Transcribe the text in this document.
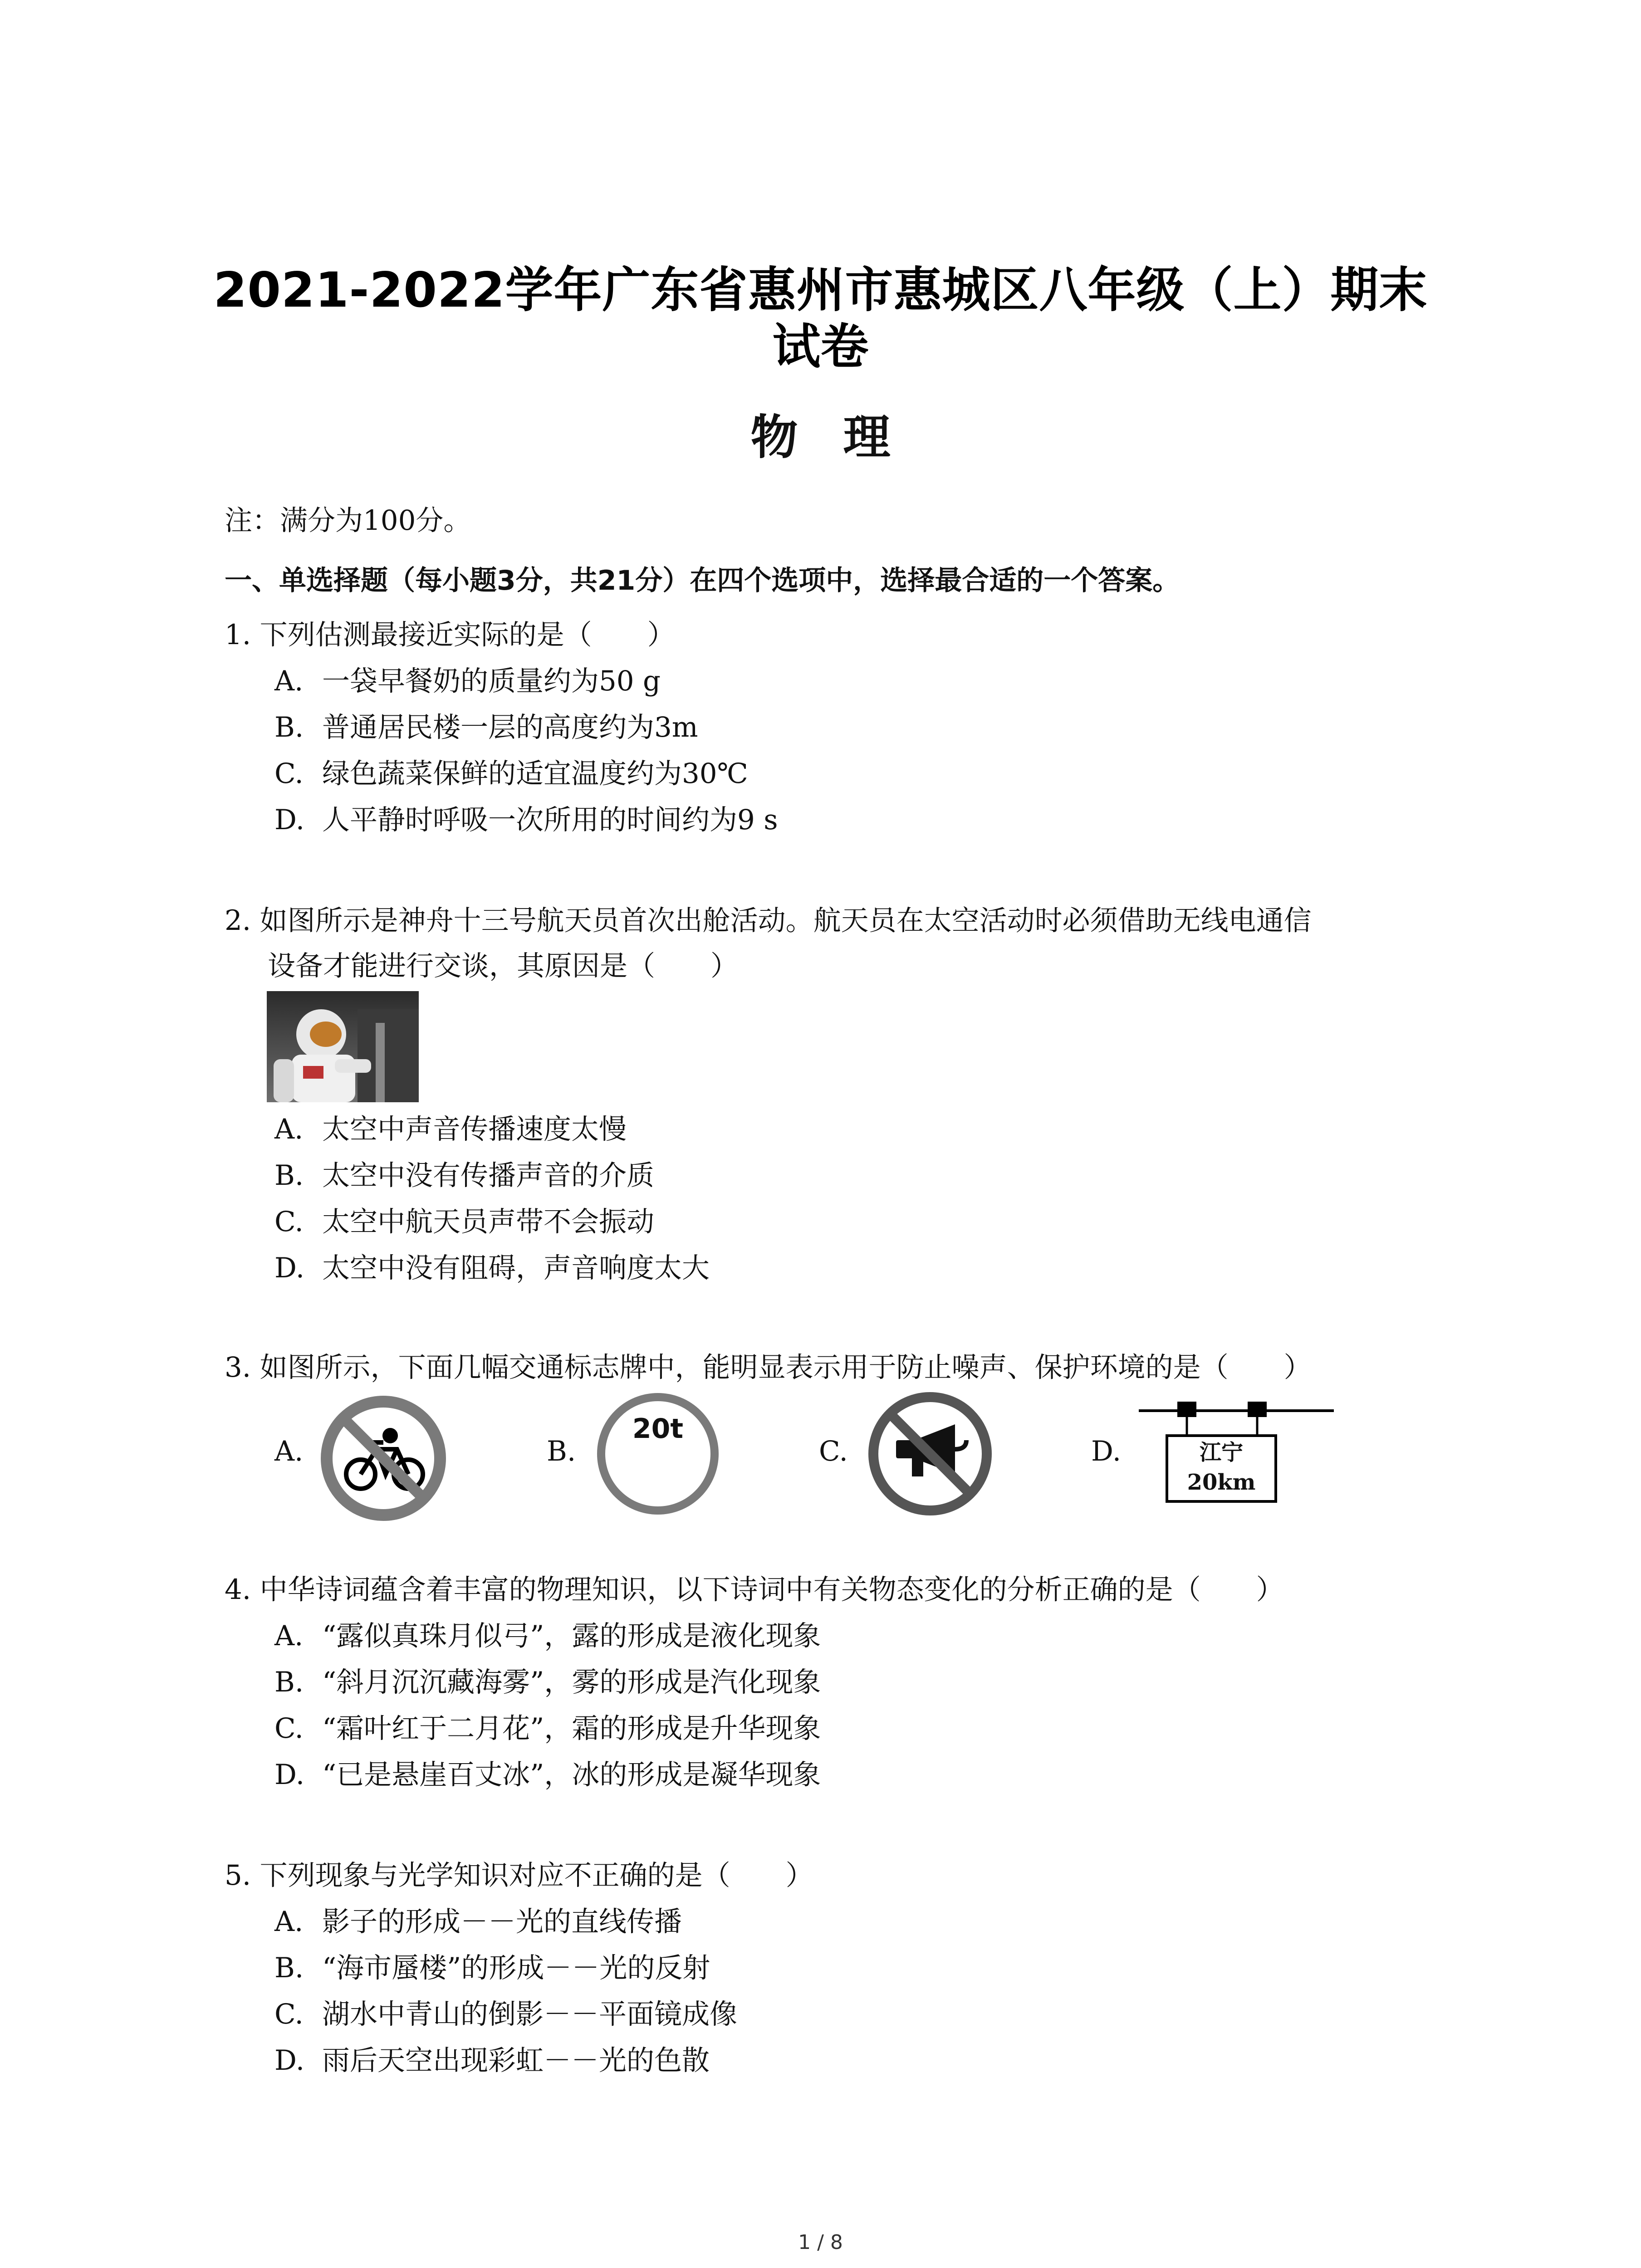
2021-2022学年广东省惠州市惠城区八年级（上）期末
试卷
物理
注：满分为100分。
一、单选择题（每小题3分，共21分）在四个选项中，选择最合适的一个答案。
1. 下列估测最接近实际的是（　　）
A. 一袋早餐奶的质量约为50 g
B. 普通居民楼一层的高度约为3m
C. 绿色蔬菜保鲜的适宜温度约为30℃
D. 人平静时呼吸一次所用的时间约为9 s
2. 如图所示是神舟十三号航天员首次出舱活动。航天员在太空活动时必须借助无线电通信
设备才能进行交谈，其原因是（　　）
A. 太空中声音传播速度太慢
B. 太空中没有传播声音的介质
C. 太空中航天员声带不会振动
D. 太空中没有阻碍，声音响度太大
3. 如图所示，下面几幅交通标志牌中，能明显表示用于防止噪声、保护环境的是（　　）
A.	B.
20t
C.	D.	江宁
20km
4. 中华诗词蕴含着丰富的物理知识，以下诗词中有关物态变化的分析正确的是（　　）
A. “露似真珠月似弓”，露的形成是液化现象
B. “斜月沉沉藏海雾”，雾的形成是汽化现象
C. “霜叶红于二月花”，霜的形成是升华现象
D. “已是悬崖百丈冰”，冰的形成是凝华现象
5. 下列现象与光学知识对应不正确的是（　　）
A. 影子的形成－－光的直线传播
B. “海市蜃楼”的形成－－光的反射
C. 湖水中青山的倒影－－平面镜成像
D. 雨后天空出现彩虹－－光的色散
1 / 8
